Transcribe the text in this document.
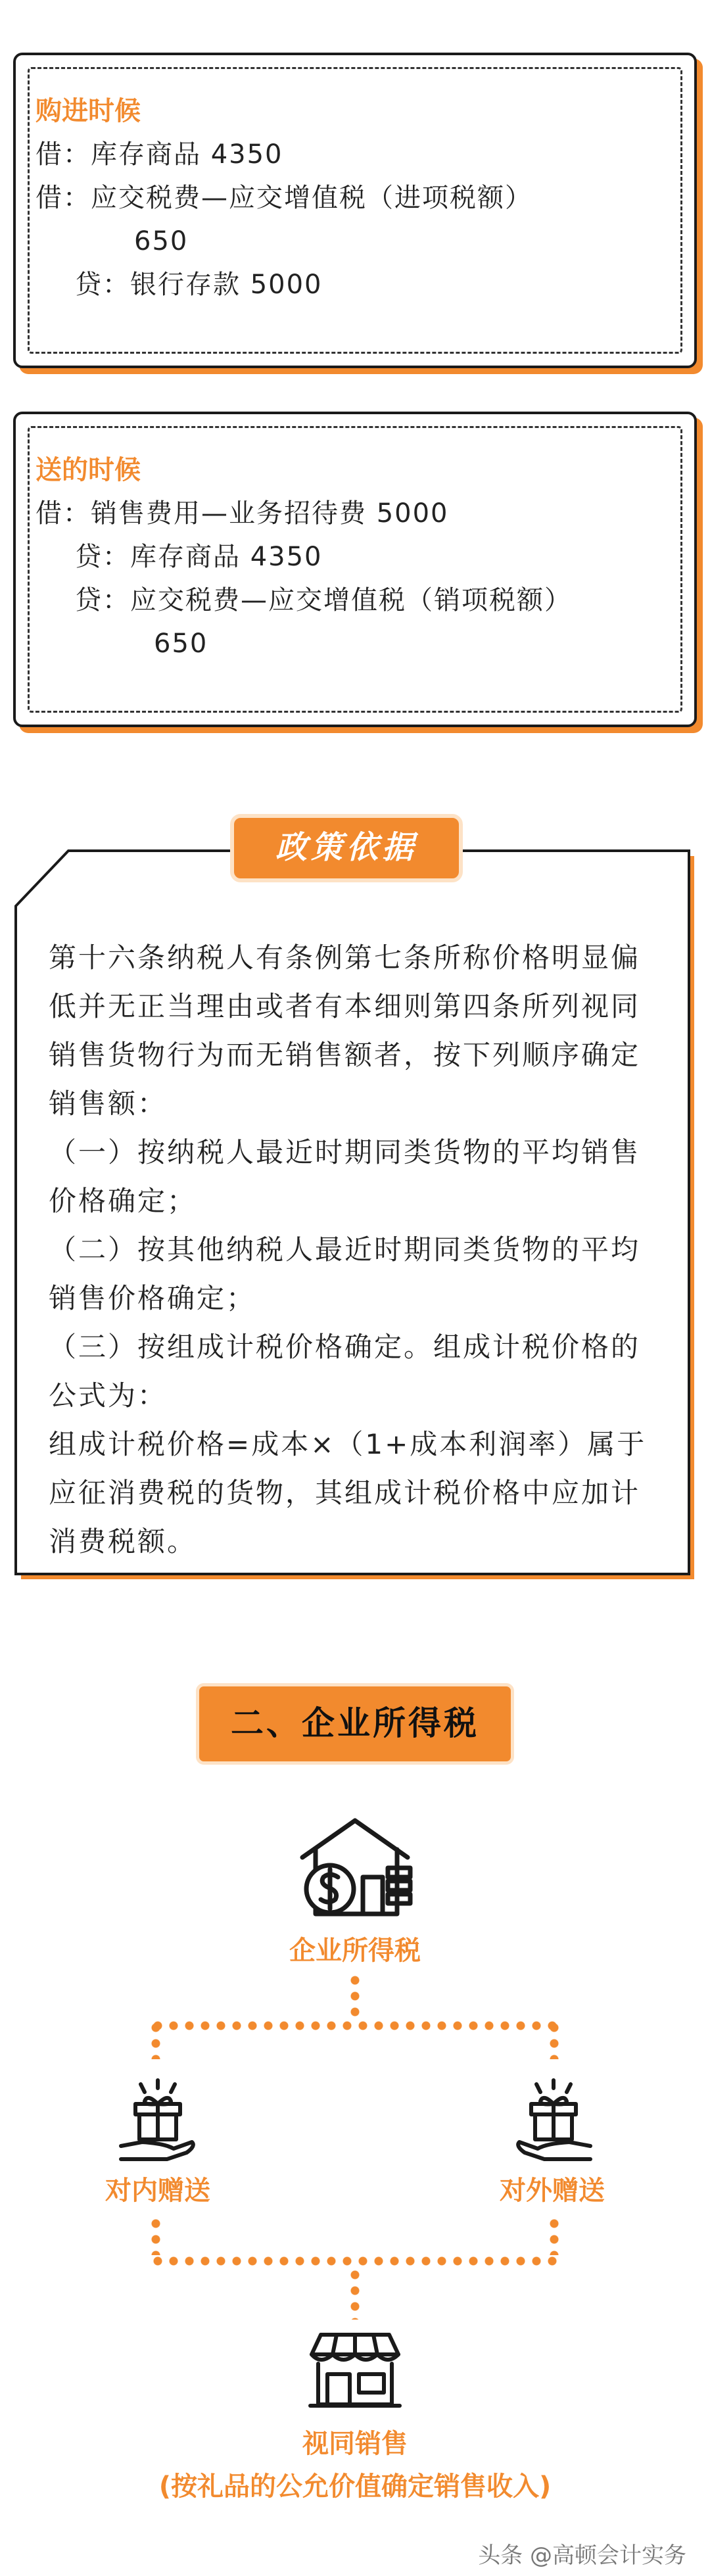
购进时候
借：库存商品 4350
借：应交税费—应交增值税（进项税额）
650
贷：银行存款 5000
送的时候
借：销售费用—业务招待费 5000
贷：库存商品 4350
贷：应交税费—应交增值税（销项税额）
650
政策依据

第十六条纳税人有条例第七条所称价格明显偏低并无正当理由或者有本细则第四条所列视同销售货物行为而无销售额者，按下列顺序确定销售额：

（一）按纳税人最近时期同类货物的平均销售价格确定；

（二）按其他纳税人最近时期同类货物的平均销售价格确定；

（三）按组成计税价格确定。组成计税价格的公式为：

组成计税价格=成本×（1+成本利润率）属于应征消费税的货物，其组成计税价格中应加计消费税额。

二、企业所得税
企业所得税
对内赠送	对外赠送
视同销售
(按礼品的公允价值确定销售收入)
头条 @高顿会计实务
